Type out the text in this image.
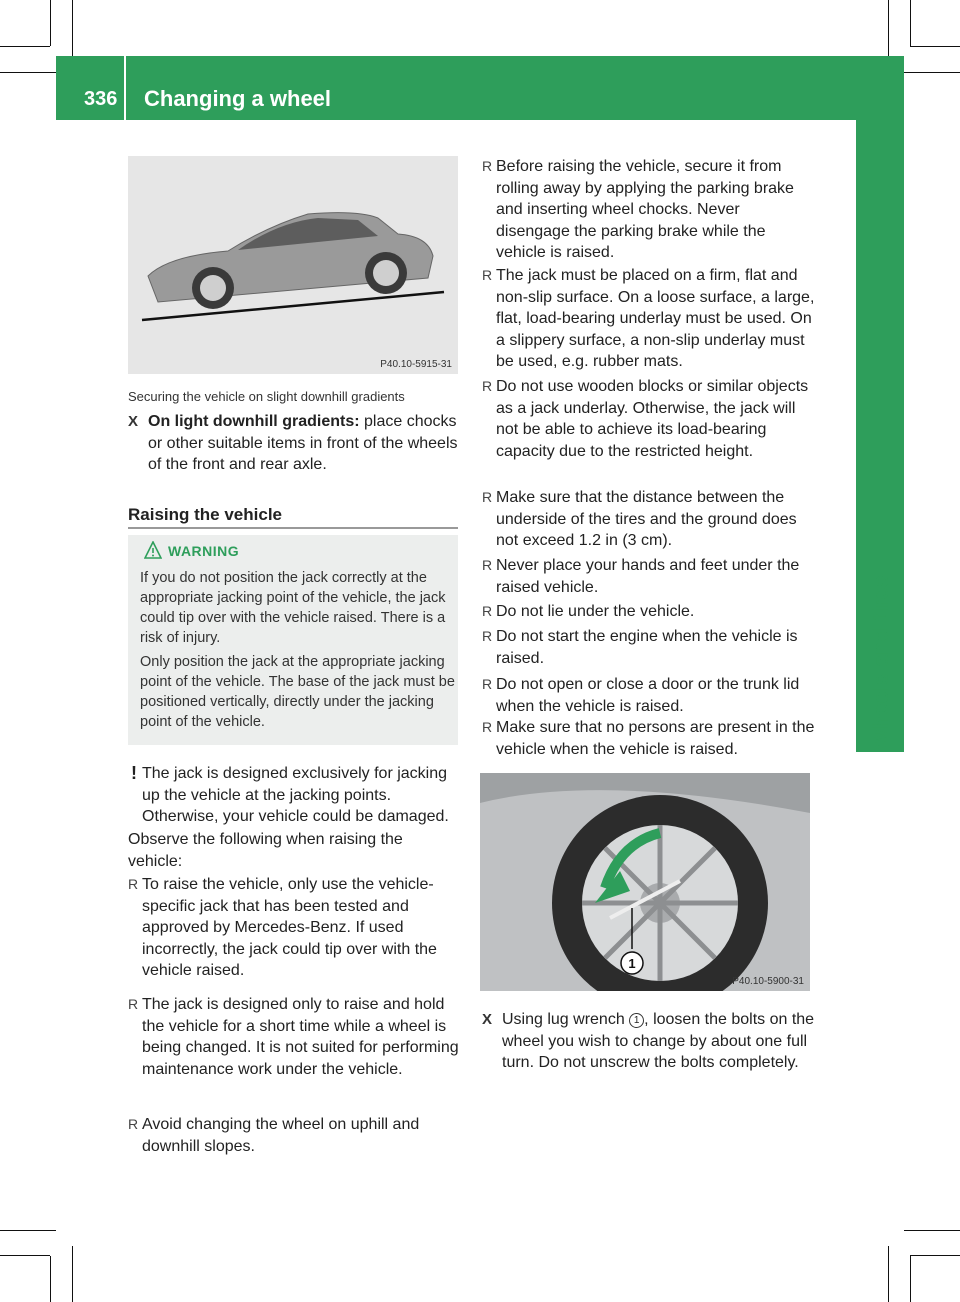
336 Changing a wheel
Wheels and tires
P40.10-5915-31
Securing the vehicle on slight downhill gradients
X On light downhill gradients: place chocks or other suitable items in front of the wheels of the front and rear axle.
Raising the vehicle
WARNING
If you do not position the jack correctly at the appropriate jacking point of the vehicle, the jack could tip over with the vehicle raised. There is a risk of injury.
Only position the jack at the appropriate jacking point of the vehicle. The base of the jack must be positioned vertically, directly under the jacking point of the vehicle.
! The jack is designed exclusively for jacking up the vehicle at the jacking points. Otherwise, your vehicle could be damaged.
Observe the following when raising the vehicle:
R To raise the vehicle, only use the vehicle-specific jack that has been tested and approved by Mercedes-Benz. If used incorrectly, the jack could tip over with the vehicle raised.
R The jack is designed only to raise and hold the vehicle for a short time while a wheel is being changed. It is not suited for performing maintenance work under the vehicle.
R Avoid changing the wheel on uphill and downhill slopes.
R Before raising the vehicle, secure it from rolling away by applying the parking brake and inserting wheel chocks. Never disengage the parking brake while the vehicle is raised.
R The jack must be placed on a firm, flat and non-slip surface. On a loose surface, a large, flat, load-bearing underlay must be used. On a slippery surface, a non-slip underlay must be used, e.g. rubber mats.
R Do not use wooden blocks or similar objects as a jack underlay. Otherwise, the jack will not be able to achieve its load-bearing capacity due to the restricted height.
R Make sure that the distance between the underside of the tires and the ground does not exceed 1.2 in (3 cm).
R Never place your hands and feet under the raised vehicle.
R Do not lie under the vehicle.
R Do not start the engine when the vehicle is raised.
R Do not open or close a door or the trunk lid when the vehicle is raised.
R Make sure that no persons are present in the vehicle when the vehicle is raised.
1
P40.10-5900-31
X Using lug wrench 1 , loosen the bolts on the wheel you wish to change by about one full turn. Do not unscrew the bolts completely.
